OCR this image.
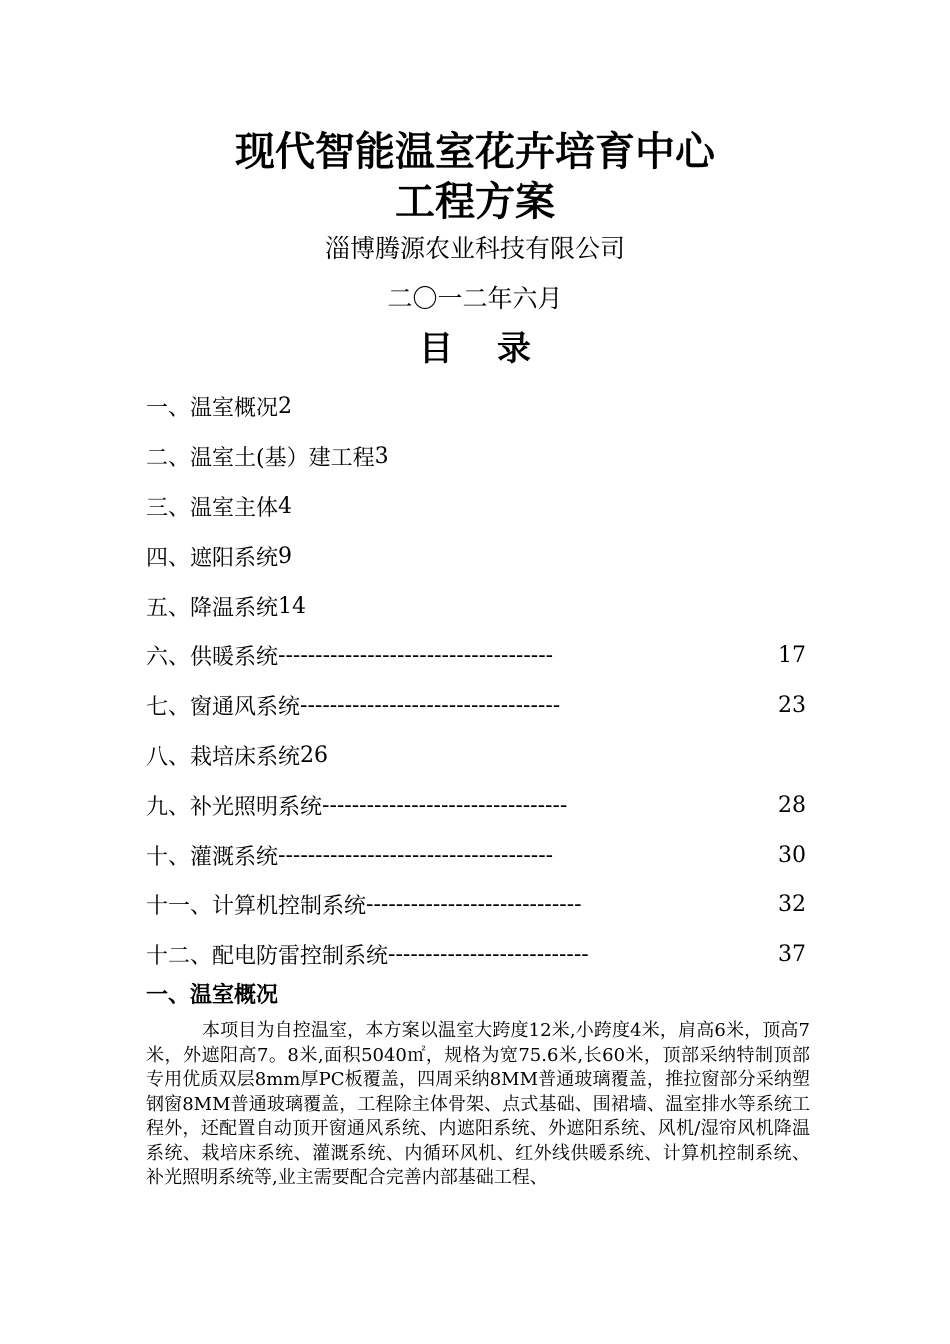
现代智能温室花卉培育中心
工程方案
淄博腾源农业科技有限公司
二〇一二年六月
目 录
一、温室概况 2
二、温室土(基）建工程 3
三、温室主体 4
四、遮阳系统 9
五、降温系统 14
六、供暖系统 -------------------------------------	17
七、窗通风系统 -----------------------------------	23
八、栽培床系统 26
九、补光照明系统 ---------------------------------	28
十、灌溉系统 -------------------------------------	30
十一、计算机控制系统 -----------------------------	32
十二、配电防雷控制系统 ---------------------------	37
一、温室概况

本项目为自控温室，本方案以温室大跨度12米,小跨度4米，肩高6米，顶高7米，外遮阳高7。8米,面积5040㎡，规格为宽75.6米,长60米，顶部采纳特制顶部专用优质双层8mm厚PC板覆盖，四周采纳8MM普通玻璃覆盖，推拉窗部分采纳塑钢窗8MM普通玻璃覆盖，工程除主体骨架、点式基础、围裙墙、温室排水等系统工程外，还配置自动顶开窗通风系统、内遮阳系统、外遮阳系统、风机/湿帘风机降温系统、栽培床系统、灌溉系统、内循环风机、红外线供暖系统、计算机控制系统、补光照明系统等,业主需要配合完善内部基础工程、
